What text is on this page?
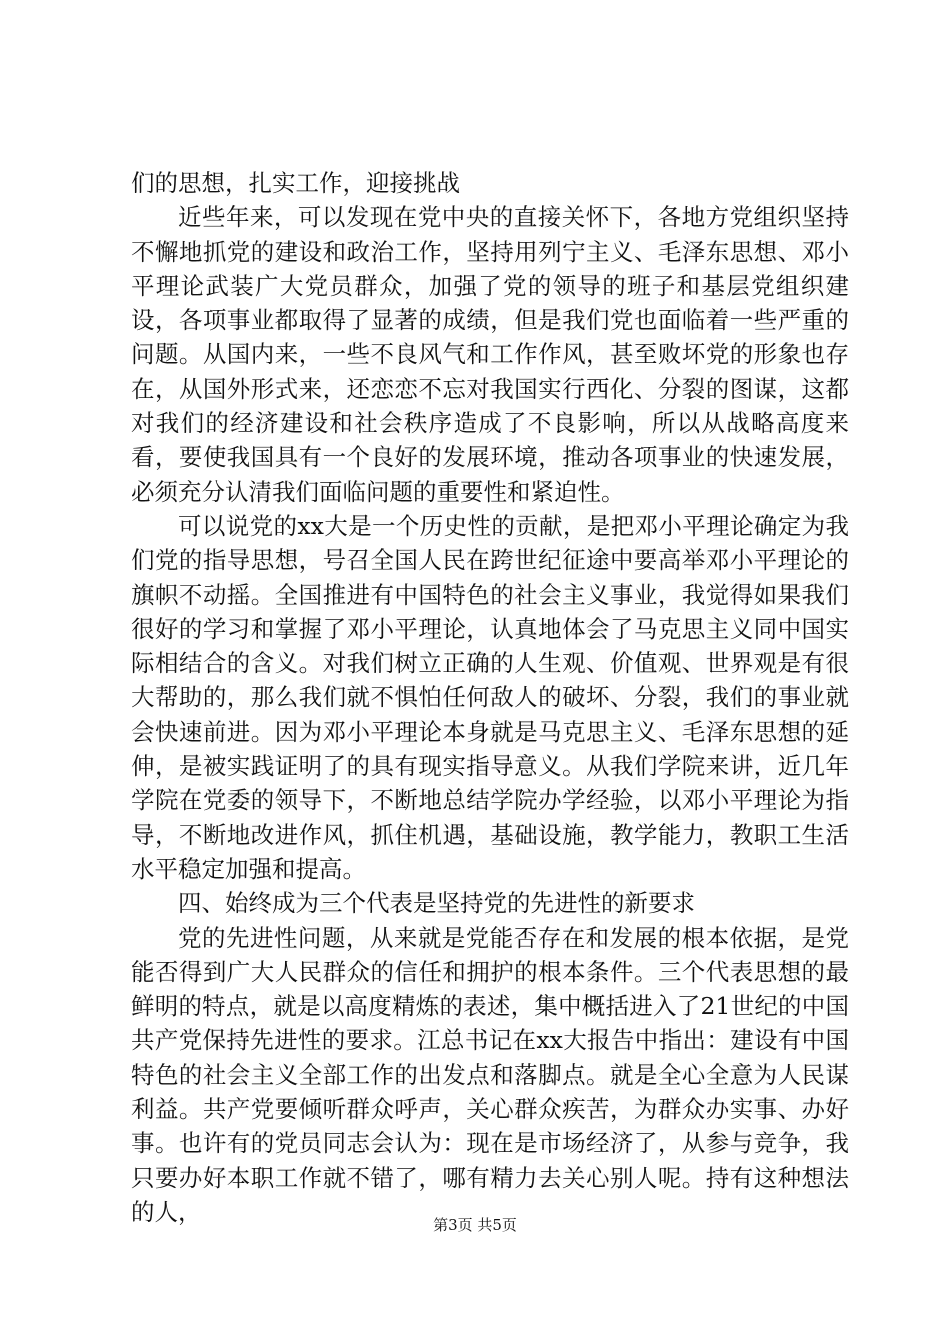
们的思想，扎实工作，迎接挑战

近些年来，可以发现在党中央的直接关怀下，各地方党组织坚持不懈地抓党的建设和政治工作，坚持用列宁主义、毛泽东思想、邓小平理论武装广大党员群众，加强了党的领导的班子和基层党组织建设，各项事业都取得了显著的成绩，但是我们党也面临着一些严重的问题。从国内来，一些不良风气和工作作风，甚至败坏党的形象也存在，从国外形式来，还恋恋不忘对我国实行西化、分裂的图谋，这都对我们的经济建设和社会秩序造成了不良影响，所以从战略高度来看，要使我国具有一个良好的发展环境，推动各项事业的快速发展，必须充分认清我们面临问题的重要性和紧迫性。

可以说党的xx大是一个历史性的贡献，是把邓小平理论确定为我们党的指导思想，号召全国人民在跨世纪征途中要高举邓小平理论的旗帜不动摇。全国推进有中国特色的社会主义事业，我觉得如果我们很好的学习和掌握了邓小平理论，认真地体会了马克思主义同中国实际相结合的含义。对我们树立正确的人生观、价值观、世界观是有很大帮助的，那么我们就不惧怕任何敌人的破坏、分裂，我们的事业就会快速前进。因为邓小平理论本身就是马克思主义、毛泽东思想的延伸，是被实践证明了的具有现实指导意义。从我们学院来讲，近几年学院在党委的领导下，不断地总结学院办学经验，以邓小平理论为指导，不断地改进作风，抓住机遇，基础设施，教学能力，教职工生活水平稳定加强和提高。

四、始终成为三个代表是坚持党的先进性的新要求

党的先进性问题，从来就是党能否存在和发展的根本依据，是党能否得到广大人民群众的信任和拥护的根本条件。三个代表思想的最鲜明的特点，就是以高度精炼的表述，集中概括进入了21世纪的中国共产党保持先进性的要求。江总书记在xx大报告中指出：建设有中国特色的社会主义全部工作的出发点和落脚点。就是全心全意为人民谋利益。共产党要倾听群众呼声，关心群众疾苦，为群众办实事、办好事。也许有的党员同志会认为：现在是市场经济了，从参与竞争，我只要办好本职工作就不错了，哪有精力去关心别人呢。持有这种想法的人，	第3页 共5页
